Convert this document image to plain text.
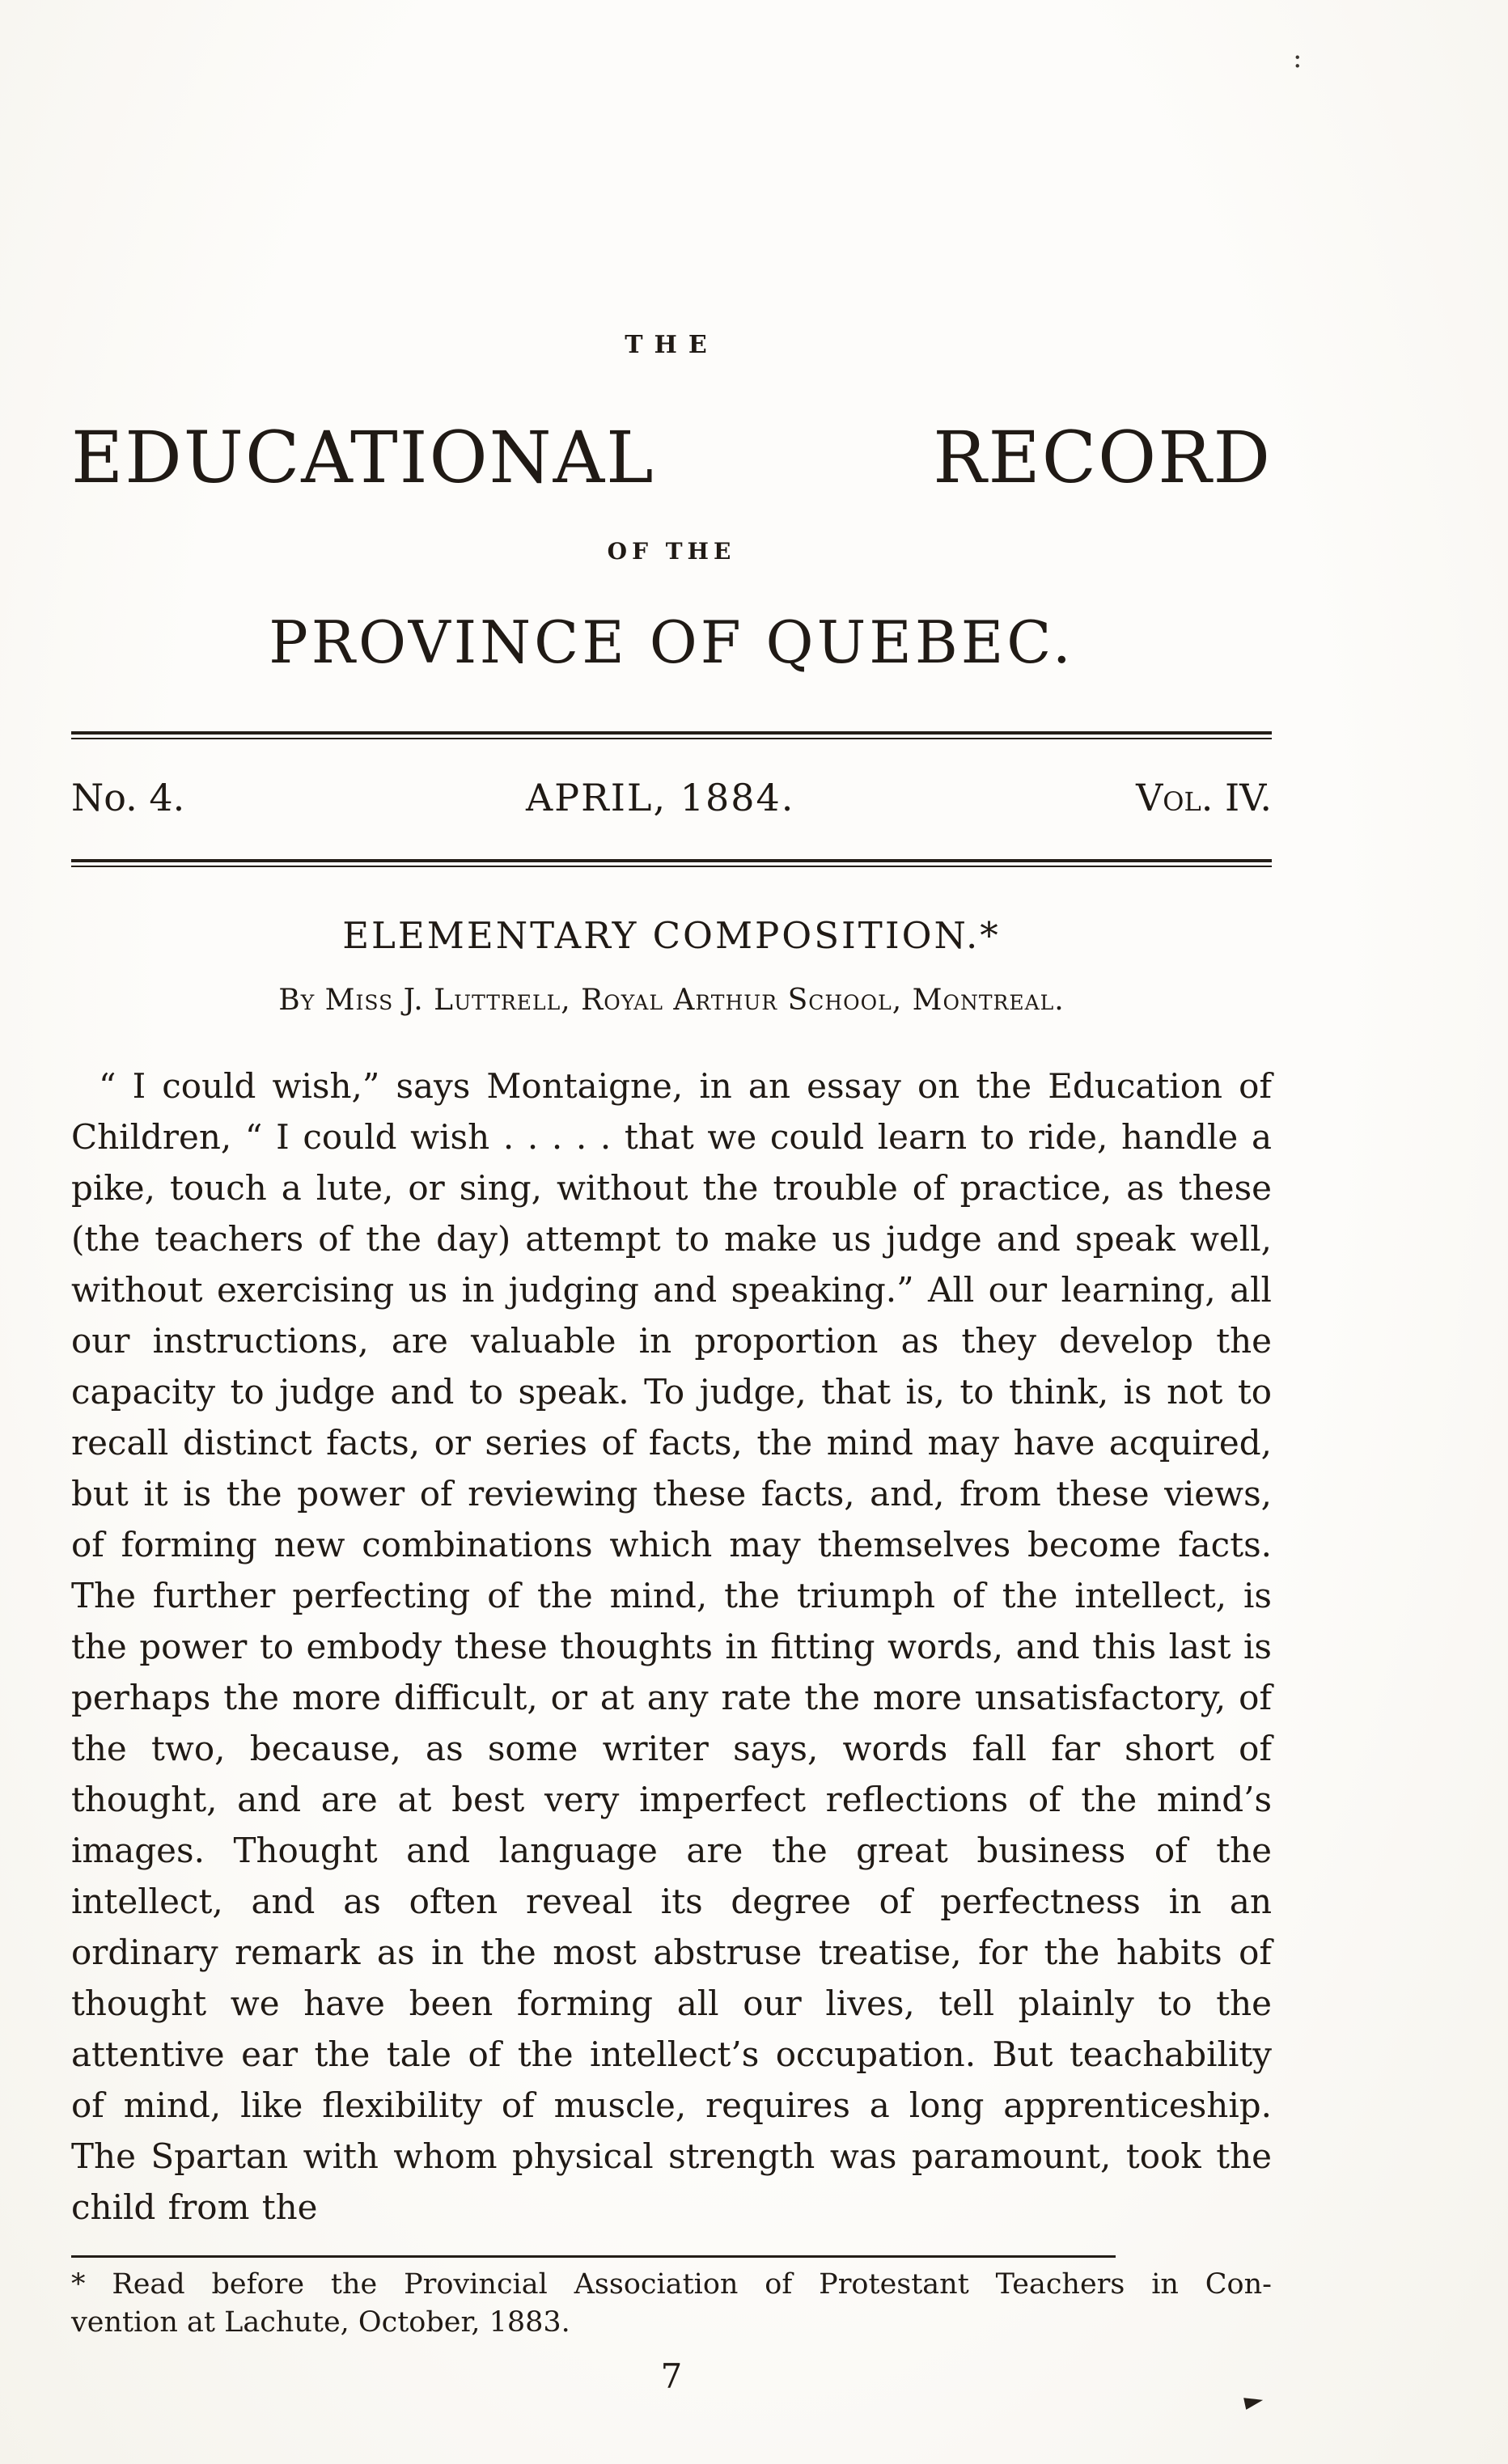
:
THE
EDUCATIONAL RECORD
OF THE
PROVINCE OF QUEBEC.
No. 4.	APRIL, 1884.	Vol. IV.
ELEMENTARY COMPOSITION.*
By Miss J. Luttrell, Royal Arthur School, Montreal.

“ I could wish,” says Montaigne, in an essay on the Education of Children, “ I could wish . . . . . that we could learn to ride, handle a pike, touch a lute, or sing, without the trouble of practice, as these (the teachers of the day) attempt to make us judge and speak well, without exercising us in judging and speaking.” All our learning, all our instructions, are valuable in proportion as they develop the capacity to judge and to speak. To judge, that is, to think, is not to recall distinct facts, or series of facts, the mind may have acquired, but it is the power of reviewing these facts, and, from these views, of forming new combinations which may themselves become facts. The further perfecting of the mind, the triumph of the intellect, is the power to embody these thoughts in fitting words, and this last is perhaps the more difficult, or at any rate the more unsatisfactory, of the two, because, as some writer says, words fall far short of thought, and are at best very imperfect reflections of the mind’s images. Thought and language are the great business of the intellect, and as often reveal its degree of perfectness in an ordinary remark as in the most abstruse treatise, for the habits of thought we have been forming all our lives, tell plainly to the attentive ear the tale of the intellect’s occupation. But teachability of mind, like flexibility of muscle, requires a long apprenticeship. The Spartan with whom physical strength was paramount, took the child from the

* Read before the Provincial Association of Protestant Teachers in Con-
vention at Lachute, October, 1883.
7
►
